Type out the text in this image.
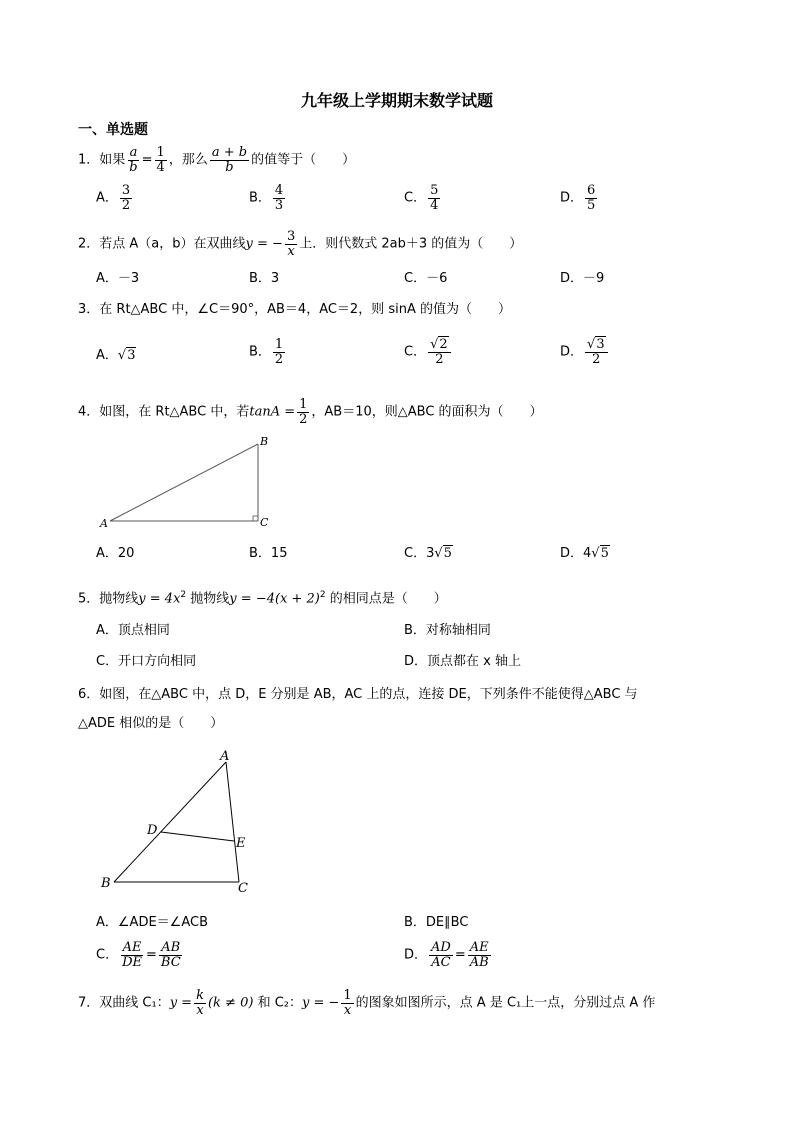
九年级上学期期末数学试题
一、单选题
1．如果 $\frac{a}{b} = \frac{1}{4}$ ，那么 $\frac{a + b}{b}$ 的值等于（　　）
A． $\frac{3}{2}$	B． $\frac{4}{3}$	C． $\frac{5}{4}$	D． $\frac{6}{5}$
2．若点 A（a，b）在双曲线y = − $\frac{3}{x}$ 上．则代数式 2ab＋3 的值为（　　）
A．－3	B．3	C．－6	D．－9
3．在 Rt△ABC 中，∠C＝90°，AB＝4，AC＝2，则 sinA 的值为（　　）
A．√3	B． $\frac{1}{2}$	C． $\frac{√2}{2}$	D． $\frac{√3}{2}$
4．如图，在 Rt△ABC 中，若$\tan A = \frac{1}{2}$ ，AB＝10，则△ABC 的面积为（　　）
A
B
C
A．20	B．15	C．3√5	D．4√5
5．抛物线$y = 4x^2$ 抛物线$y = -4(x + 2)^2$ 的相同点是（　　）
A．顶点相同	B．对称轴相同
C．开口方向相同	D．顶点都在 x 轴上
6．如图，在△ABC 中，点 D，E 分别是 AB，AC 上的点，连接 DE，下列条件不能使得△ABC 与
△ADE 相似的是（　　）
A
B	C
D
E
A．∠ADE＝∠ACB	B．DE∥BC
C． $\frac{AE}{DE} = \frac{AB}{BC}$	D． $\frac{AD}{AC} = \frac{AE}{AB}$
7．双曲线 C₁：$y = \frac{k}{x} (k \ne 0)$ 和 C₂：y = − $\frac{1}{x}$ 的图象如图所示，点 A 是 C₁上一点，分别过点 A 作
